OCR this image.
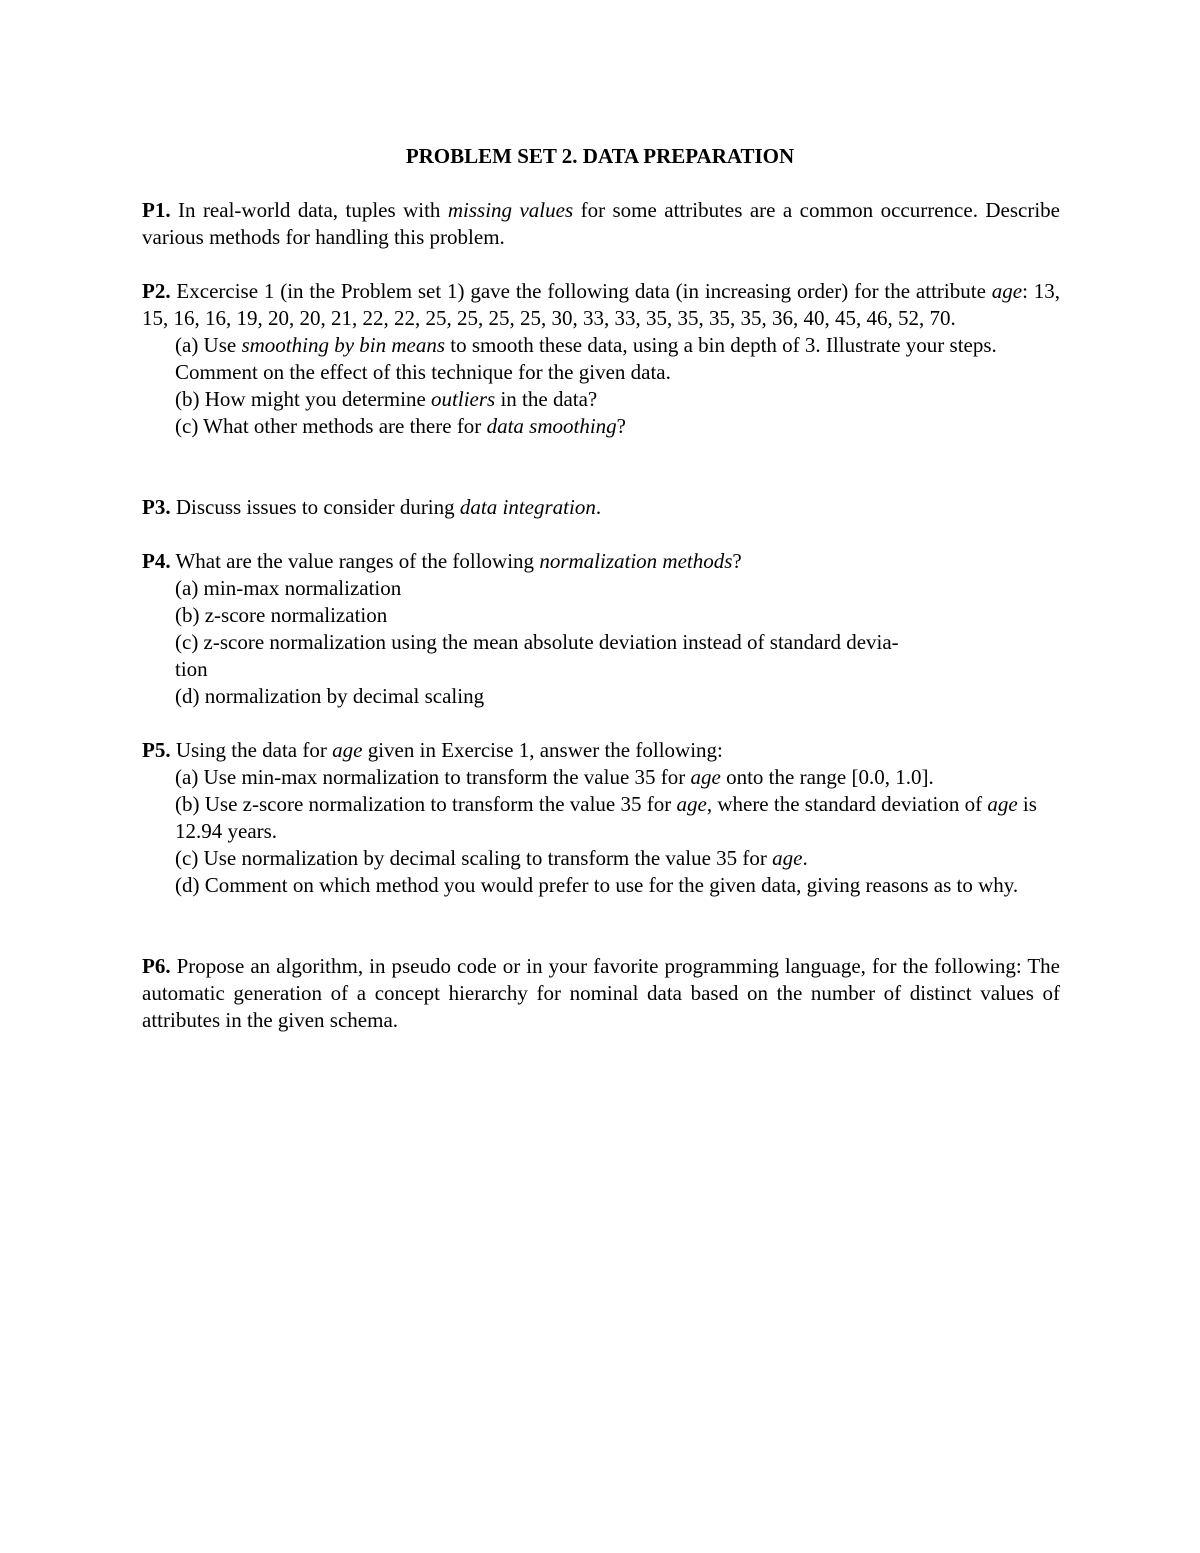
PROBLEM SET 2. DATA PREPARATION

P1. In real-world data, tuples with missing values for some attributes are a common occurrence. Describe various methods for handling this problem.

P2. Excercise 1 (in the Problem set 1) gave the following data (in increasing order) for the attribute age: 13, 15, 16, 16, 19, 20, 20, 21, 22, 22, 25, 25, 25, 25, 30, 33, 33, 35, 35, 35, 35, 36, 40, 45, 46, 52, 70.

(a) Use smoothing by bin means to smooth these data, using a bin depth of 3. Illustrate your steps. Comment on the effect of this technique for the given data.

(b) How might you determine outliers in the data?

(c) What other methods are there for data smoothing?

P3. Discuss issues to consider during data integration.

P4. What are the value ranges of the following normalization methods?

(a) min-max normalization

(b) z-score normalization

(c) z-score normalization using the mean absolute deviation instead of standard devia-
tion

(d) normalization by decimal scaling

P5. Using the data for age given in Exercise 1, answer the following:

(a) Use min-max normalization to transform the value 35 for age onto the range [0.0, 1.0].

(b) Use z-score normalization to transform the value 35 for age, where the standard deviation of age is 12.94 years.

(c) Use normalization by decimal scaling to transform the value 35 for age.

(d) Comment on which method you would prefer to use for the given data, giving reasons as to why.

P6. Propose an algorithm, in pseudo code or in your favorite programming language, for the following: The automatic generation of a concept hierarchy for nominal data based on the number of distinct values of attributes in the given schema.
